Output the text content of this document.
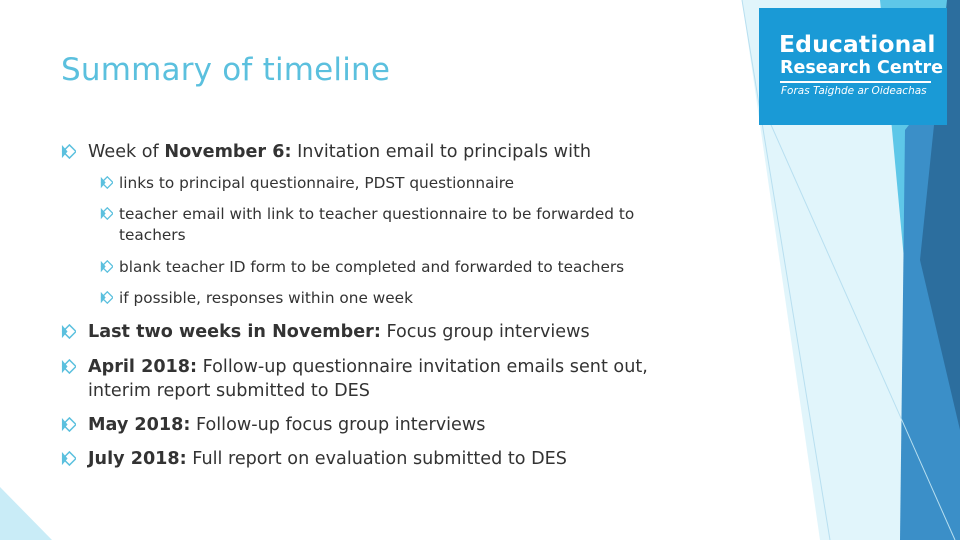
Educational
Research Centre
Foras Taighde ar Oideachas
Summary of timeline
Week of November 6: Invitation email to principals with
links to principal questionnaire, PDST questionnaire
teacher email with link to teacher questionnaire to be forwarded to
teachers
blank teacher ID form to be completed and forwarded to teachers
if possible, responses within one week
Last two weeks in November: Focus group interviews
April 2018: Follow-up questionnaire invitation emails sent out,
interim report submitted to DES
May 2018: Follow-up focus group interviews
July 2018: Full report on evaluation submitted to DES
